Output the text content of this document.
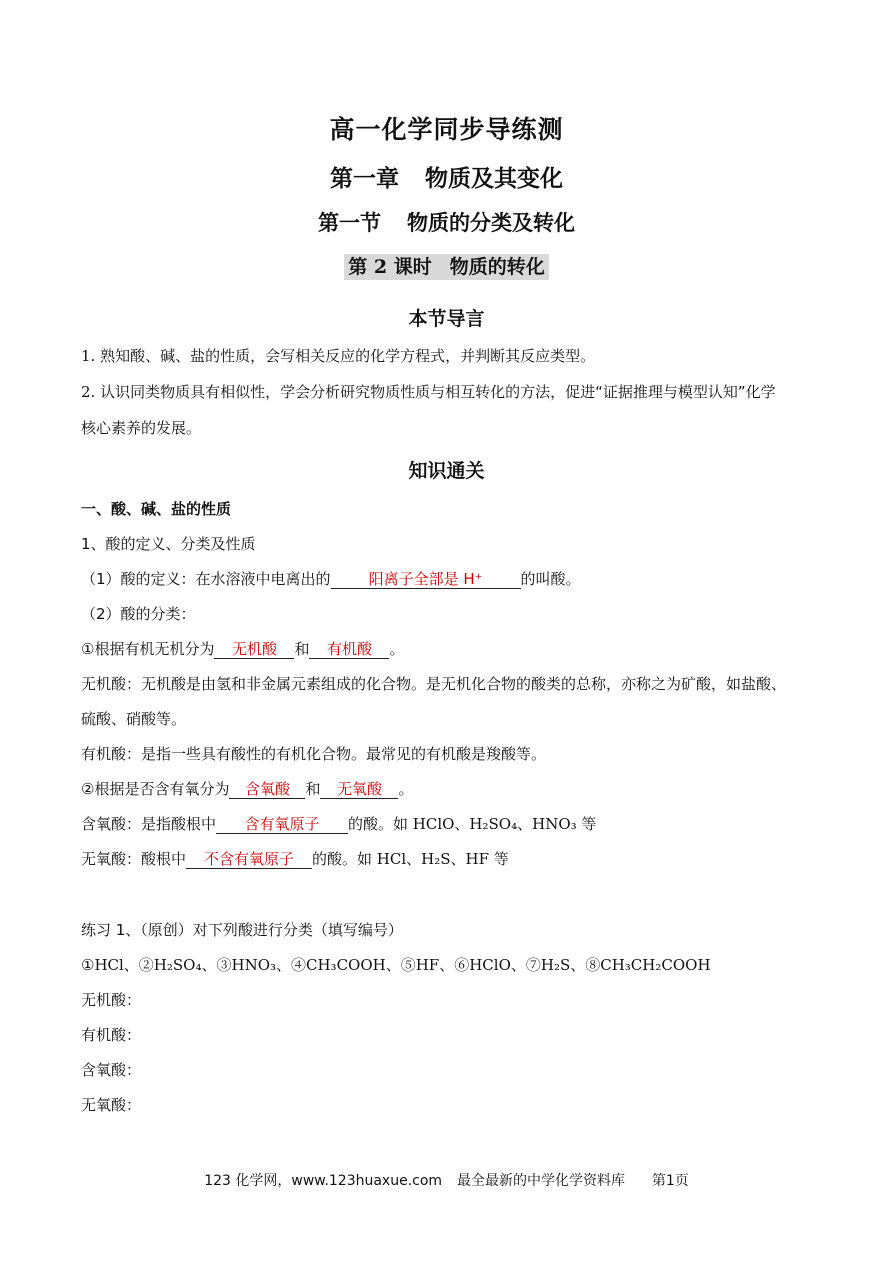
高一化学同步导练测
第一章 物质及其变化
第一节 物质的分类及转化
第 2 课时 物质的转化
本节导言
1. 熟知酸、碱、盐的性质，会写相关反应的化学方程式，并判断其反应类型。
2. 认识同类物质具有相似性，学会分析研究物质性质与相互转化的方法，促进“证据推理与模型认知”化学
核心素养的发展。
知识通关
一、酸、碱、盐的性质
1、酸的定义、分类及性质
（1）酸的定义：在水溶液中电离出的	阳离子全部是 H⁺	的叫酸。
（2）酸的分类：
①根据有机无机分为 无机酸 和 有机酸 。
无机酸：无机酸是由氢和非金属元素组成的化合物。是无机化合物的酸类的总称，亦称之为矿酸，如盐酸、
硫酸、硝酸等。
有机酸：是指一些具有酸性的有机化合物。最常见的有机酸是羧酸等。
②根据是否含有氧分为 含氧酸 和 无氧酸 。
含氧酸：是指酸根中 含有氧原子 的酸。如 HClO、H₂SO₄、HNO₃ 等
无氧酸：酸根中 不含有氧原子 的酸。如 HCl、H₂S、HF 等
练习 1、（原创）对下列酸进行分类（填写编号）
①HCl、②H₂SO₄、③HNO₃、④CH₃COOH、⑤HF、⑥HClO、⑦H₂S、⑧CH₃CH₂COOH
无机酸：
有机酸：
含氧酸：
无氧酸：
123 化学网，www.123huaxue.com 最全最新的中学化学资料库 第1页
